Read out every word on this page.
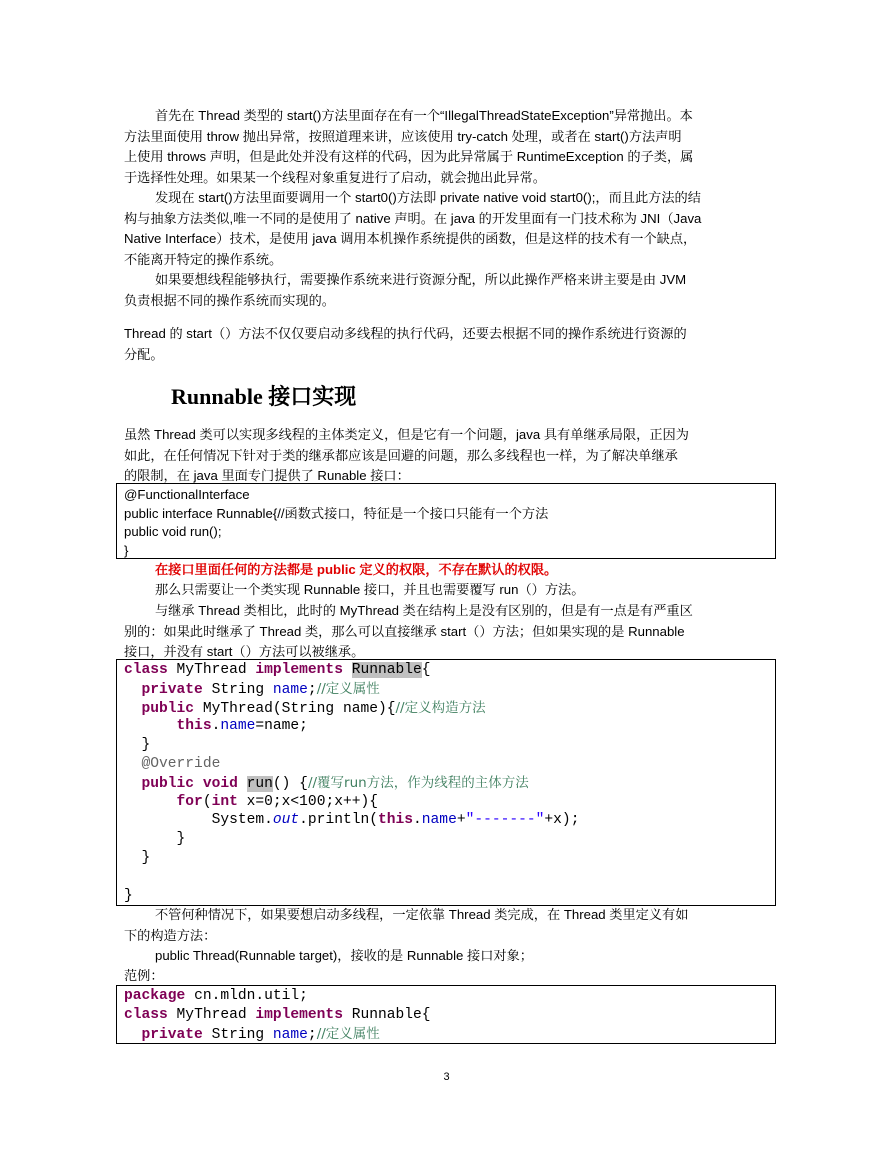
首先在 Thread 类型的 start()方法里面存在有一个“IllegalThreadStateException”异常抛出。本
方法里面使用 throw 抛出异常，按照道理来讲，应该使用 try-catch 处理，或者在 start()方法声明
上使用 throws 声明，但是此处并没有这样的代码，因为此异常属于 RuntimeException 的子类，属
于选择性处理。如果某一个线程对象重复进行了启动，就会抛出此异常。
发现在 start()方法里面要调用一个 start0()方法即 private native void start0();，而且此方法的结
构与抽象方法类似,唯一不同的是使用了 native 声明。在 java 的开发里面有一门技术称为 JNI（Java
Native Interface）技术，是使用 java 调用本机操作系统提供的函数，但是这样的技术有一个缺点，
不能离开特定的操作系统。
如果要想线程能够执行，需要操作系统来进行资源分配，所以此操作严格来讲主要是由 JVM
负责根据不同的操作系统而实现的。
Thread 的 start（）方法不仅仅要启动多线程的执行代码，还要去根据不同的操作系统进行资源的
分配。
Runnable 接口实现
虽然 Thread 类可以实现多线程的主体类定义，但是它有一个问题，java 具有单继承局限，正因为
如此，在任何情况下针对于类的继承都应该是回避的问题，那么多线程也一样，为了解决单继承
的限制，在 java 里面专门提供了 Runable 接口：
@FunctionalInterface
public interface Runnable{//函数式接口，特征是一个接口只能有一个方法
public void run();
}
在接口里面任何的方法都是 public 定义的权限，不存在默认的权限。
那么只需要让一个类实现 Runnable 接口，并且也需要覆写 run（）方法。
与继承 Thread 类相比，此时的 MyThread 类在结构上是没有区别的，但是有一点是有严重区
别的：如果此时继承了 Thread 类，那么可以直接继承 start（）方法；但如果实现的是 Runnable
接口，并没有 start（）方法可以被继承。
class MyThread implements Runnable{
private String name;//定义属性
public MyThread(String name){//定义构造方法
this.name=name;
}
@Override
public void run() {//覆写run方法，作为线程的主体方法
for(int x=0;x<100;x++){
System.out.println(this.name+"-------"+x);
}
}
}
不管何种情况下，如果要想启动多线程，一定依靠 Thread 类完成，在 Thread 类里定义有如
下的构造方法：
public Thread(Runnable target)，接收的是 Runnable 接口对象；
范例：
package cn.mldn.util;
class MyThread implements Runnable{
private String name;//定义属性
3
